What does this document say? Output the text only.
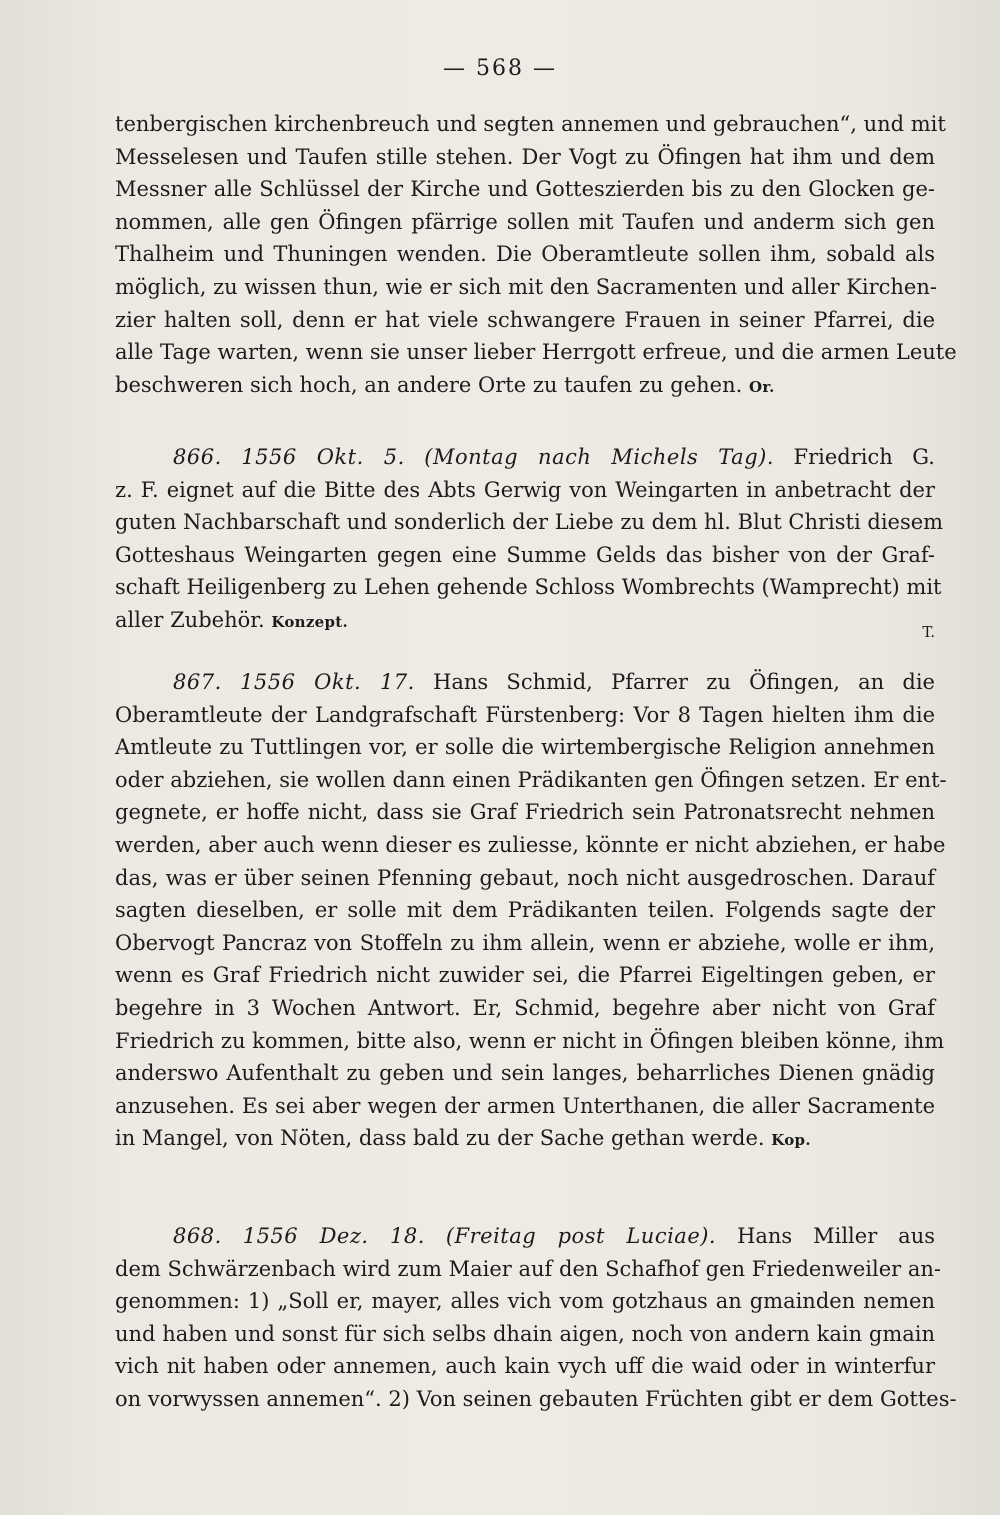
— 568 —
tenbergischen kirchenbreuch und segten annemen und gebrauchen“, und mit
Messelesen und Taufen stille stehen. Der Vogt zu Öfingen hat ihm und dem
Messner alle Schlüssel der Kirche und Gotteszierden bis zu den Glocken ge-
nommen, alle gen Öfingen pfärrige sollen mit Taufen und anderm sich gen
Thalheim und Thuningen wenden. Die Oberamtleute sollen ihm, sobald als
möglich, zu wissen thun, wie er sich mit den Sacramenten und aller Kirchen-
zier halten soll, denn er hat viele schwangere Frauen in seiner Pfarrei, die
alle Tage warten, wenn sie unser lieber Herrgott erfreue, und die armen Leute
beschweren sich hoch, an andere Orte zu taufen zu gehen. Or.
866. 1556 Okt. 5. (Montag nach Michels Tag). Friedrich G.
z. F. eignet auf die Bitte des Abts Gerwig von Weingarten in anbetracht der
guten Nachbarschaft und sonderlich der Liebe zu dem hl. Blut Christi diesem
Gotteshaus Weingarten gegen eine Summe Gelds das bisher von der Graf-
schaft Heiligenberg zu Lehen gehende Schloss Wombrechts (Wamprecht) mit
aller Zubehör. Konzept.
T.
867. 1556 Okt. 17. Hans Schmid, Pfarrer zu Öfingen, an die
Oberamtleute der Landgrafschaft Fürstenberg: Vor 8 Tagen hielten ihm die
Amtleute zu Tuttlingen vor, er solle die wirtembergische Religion annehmen
oder abziehen, sie wollen dann einen Prädikanten gen Öfingen setzen. Er ent-
gegnete, er hoffe nicht, dass sie Graf Friedrich sein Patronatsrecht nehmen
werden, aber auch wenn dieser es zuliesse, könnte er nicht abziehen, er habe
das, was er über seinen Pfenning gebaut, noch nicht ausgedroschen. Darauf
sagten dieselben, er solle mit dem Prädikanten teilen. Folgends sagte der
Obervogt Pancraz von Stoffeln zu ihm allein, wenn er abziehe, wolle er ihm,
wenn es Graf Friedrich nicht zuwider sei, die Pfarrei Eigeltingen geben, er
begehre in 3 Wochen Antwort. Er, Schmid, begehre aber nicht von Graf
Friedrich zu kommen, bitte also, wenn er nicht in Öfingen bleiben könne, ihm
anderswo Aufenthalt zu geben und sein langes, beharrliches Dienen gnädig
anzusehen. Es sei aber wegen der armen Unterthanen, die aller Sacramente
in Mangel, von Nöten, dass bald zu der Sache gethan werde. Kop.
868. 1556 Dez. 18. (Freitag post Luciae). Hans Miller aus
dem Schwärzenbach wird zum Maier auf den Schafhof gen Friedenweiler an-
genommen: 1) „Soll er, mayer, alles vich vom gotzhaus an gmainden nemen
und haben und sonst für sich selbs dhain aigen, noch von andern kain gmain
vich nit haben oder annemen, auch kain vych uff die waid oder in winterfur
on vorwyssen annemen“. 2) Von seinen gebauten Früchten gibt er dem Gottes-
